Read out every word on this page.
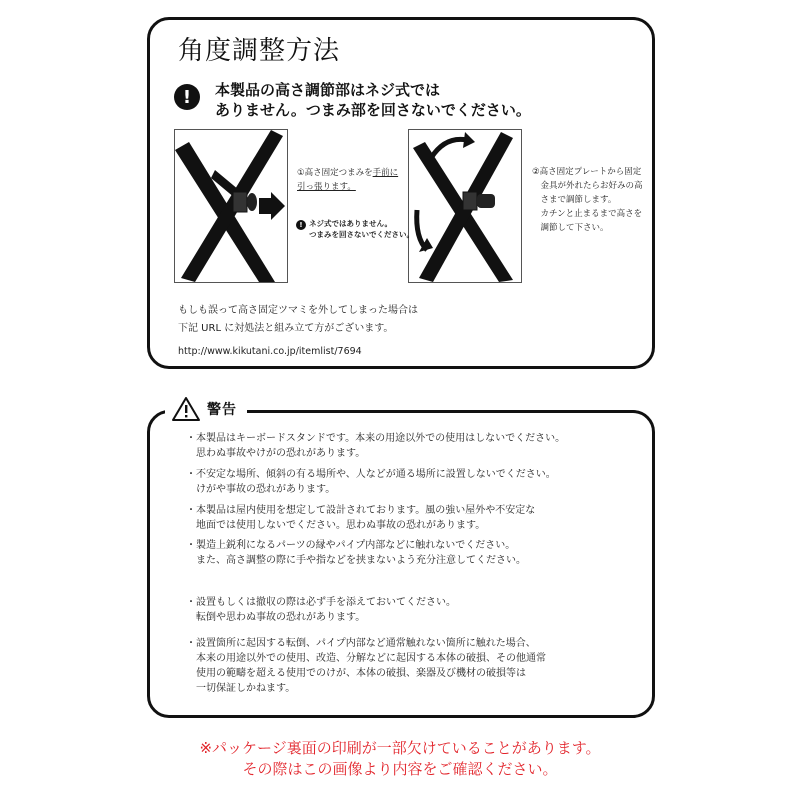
角度調整方法
!	本製品の高さ調節部はネジ式では
ありません。つまみ部を回さないでください。
①高さ固定つまみを手前に
引っ張ります。
! ネジ式ではありません。
つまみを回さないでください。
②高さ固定プレートから固定
　金具が外れたらお好みの高
　さまで調節します。
　カチンと止まるまで高さを
　調節して下さい。
もしも誤って高さ固定ツマミを外してしまった場合は
下記 URL に対処法と組み立て方がございます。
http://www.kikutani.co.jp/itemlist/7694
警告
・本製品はキーボードスタンドです。本来の用途以外での使用はしないでください。
　思わぬ事故やけがの恐れがあります。
・不安定な場所、傾斜の有る場所や、人などが通る場所に設置しないでください。
　けがや事故の恐れがあります。
・本製品は屋内使用を想定して設計されております。風の強い屋外や不安定な
　地面では使用しないでください。思わぬ事故の恐れがあります。
・製造上鋭利になるパーツの縁やパイプ内部などに触れないでください。
　また、高さ調整の際に手や指などを挟まないよう充分注意してください。
・設置もしくは撤収の際は必ず手を添えておいてください。
　転倒や思わぬ事故の恐れがあります。
・設置箇所に起因する転倒、パイプ内部など通常触れない箇所に触れた場合、
　本来の用途以外での使用、改造、分解などに起因する本体の破損、その他通常
　使用の範疇を超える使用でのけが、本体の破損、楽器及び機材の破損等は
　一切保証しかねます。
※パッケージ裏面の印刷が一部欠けていることがあります。
その際はこの画像より内容をご確認ください。
